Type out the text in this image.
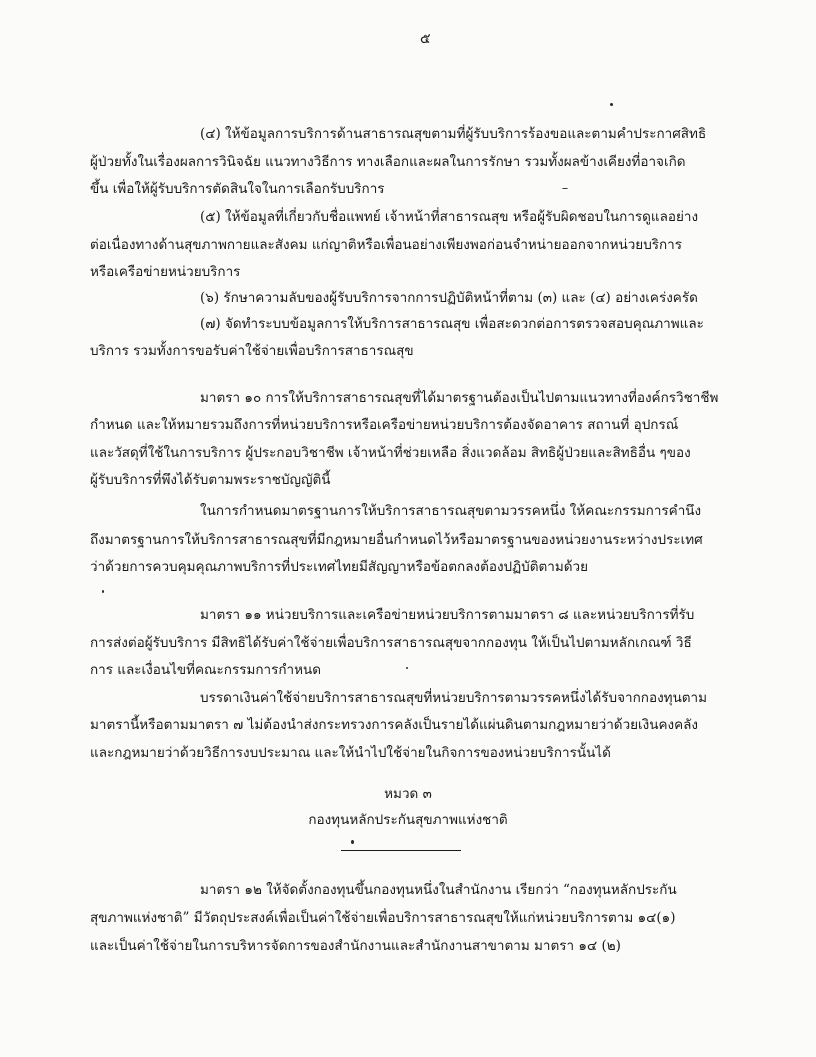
๕
(๔) ให้ข้อมูลการบริการด้านสาธารณสุขตามที่ผู้รับบริการร้องขอและตามคำประกาศสิทธิ
ผู้ป่วยทั้งในเรื่องผลการวินิจฉัย แนวทางวิธีการ ทางเลือกและผลในการรักษา รวมทั้งผลข้างเคียงที่อาจเกิด
ขึ้น เพื่อให้ผู้รับบริการตัดสินใจในการเลือกรับบริการ
(๕) ให้ข้อมูลที่เกี่ยวกับชื่อแพทย์ เจ้าหน้าที่สาธารณสุข หรือผู้รับผิดชอบในการดูแลอย่าง
ต่อเนื่องทางด้านสุขภาพกายและสังคม แก่ญาติหรือเพื่อนอย่างเพียงพอก่อนจำหน่ายออกจากหน่วยบริการ
หรือเครือข่ายหน่วยบริการ
(๖) รักษาความลับของผู้รับบริการจากการปฏิบัติหน้าที่ตาม (๓) และ (๔) อย่างเคร่งครัด
(๗) จัดทำระบบข้อมูลการให้บริการสาธารณสุข เพื่อสะดวกต่อการตรวจสอบคุณภาพและ
บริการ รวมทั้งการขอรับค่าใช้จ่ายเพื่อบริการสาธารณสุข
มาตรา ๑๐ การให้บริการสาธารณสุขที่ได้มาตรฐานต้องเป็นไปตามแนวทางที่องค์กรวิชาชีพ
กำหนด และให้หมายรวมถึงการที่หน่วยบริการหรือเครือข่ายหน่วยบริการต้องจัดอาคาร สถานที่ อุปกรณ์
และวัสดุที่ใช้ในการบริการ ผู้ประกอบวิชาชีพ เจ้าหน้าที่ช่วยเหลือ สิ่งแวดล้อม สิทธิผู้ป่วยและสิทธิอื่น ๆของ
ผู้รับบริการที่พึงได้รับตามพระราชบัญญัตินี้
ในการกำหนดมาตรฐานการให้บริการสาธารณสุขตามวรรคหนึ่ง ให้คณะกรรมการคำนึง
ถึงมาตรฐานการให้บริการสาธารณสุขที่มีกฎหมายอื่นกำหนดไว้หรือมาตรฐานของหน่วยงานระหว่างประเทศ
ว่าด้วยการควบคุมคุณภาพบริการที่ประเทศไทยมีสัญญาหรือข้อตกลงต้องปฏิบัติตามด้วย
มาตรา ๑๑ หน่วยบริการและเครือข่ายหน่วยบริการตามมาตรา ๘ และหน่วยบริการที่รับ
การส่งต่อผู้รับบริการ มีสิทธิได้รับค่าใช้จ่ายเพื่อบริการสาธารณสุขจากกองทุน ให้เป็นไปตามหลักเกณฑ์ วิธี
การ และเงื่อนไขที่คณะกรรมการกำหนด
บรรดาเงินค่าใช้จ่ายบริการสาธารณสุขที่หน่วยบริการตามวรรคหนึ่งได้รับจากกองทุนตาม
มาตรานี้หรือตามมาตรา ๗ ไม่ต้องนำส่งกระทรวงการคลังเป็นรายได้แผ่นดินตามกฎหมายว่าด้วยเงินคงคลัง
และกฎหมายว่าด้วยวิธีการงบประมาณ และให้นำไปใช้จ่ายในกิจการของหน่วยบริการนั้นได้
หมวด ๓
กองทุนหลักประกันสุขภาพแห่งชาติ
มาตรา ๑๒ ให้จัดตั้งกองทุนขึ้นกองทุนหนึ่งในสำนักงาน เรียกว่า “กองทุนหลักประกัน
สุขภาพแห่งชาติ” มีวัตถุประสงค์เพื่อเป็นค่าใช้จ่ายเพื่อบริการสาธารณสุขให้แก่หน่วยบริการตาม ๑๔(๑)
และเป็นค่าใช้จ่ายในการบริหารจัดการของสำนักงานและสำนักงานสาขาตาม มาตรา ๑๔ (๒)
